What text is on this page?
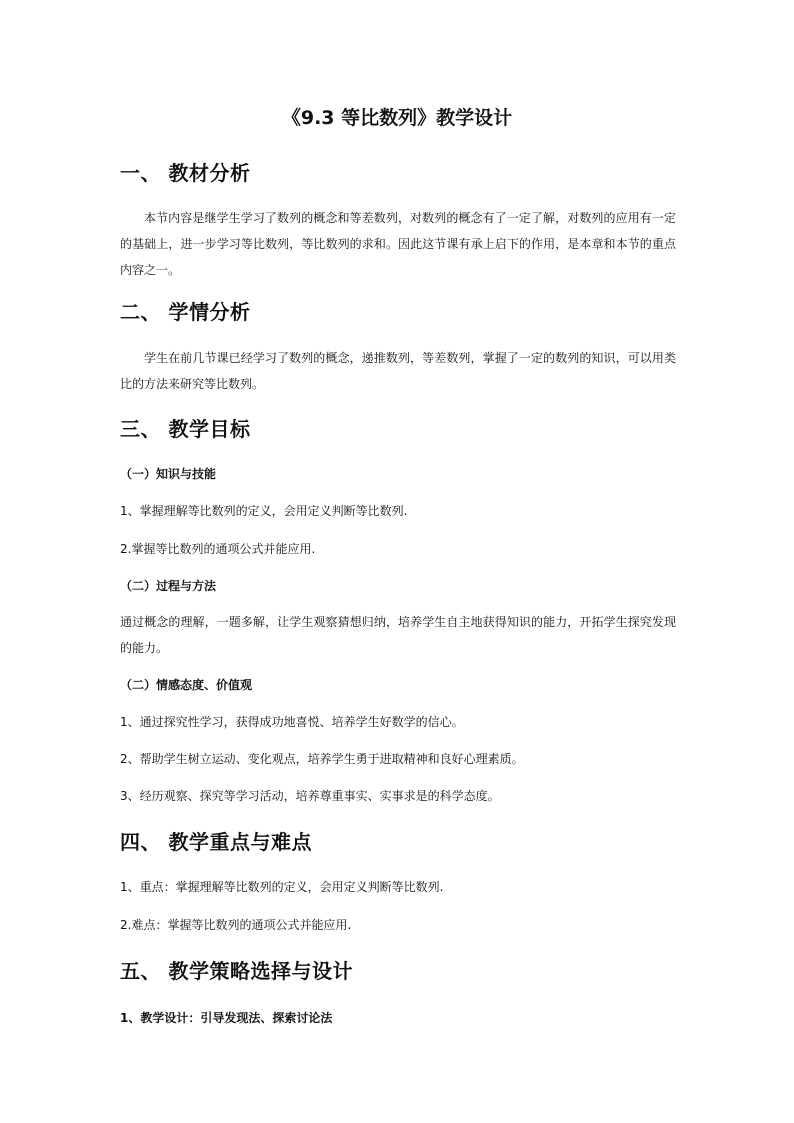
《9.3 等比数列》教学设计
一、 教材分析
本节内容是继学生学习了数列的概念和等差数列，对数列的概念有了一定了解，对数列的应用有一定的基础上，进一步学习等比数列，等比数列的求和。因此这节课有承上启下的作用，是本章和本节的重点内容之一。
二、 学情分析
学生在前几节课已经学习了数列的概念，递推数列，等差数列，掌握了一定的数列的知识，可以用类比的方法来研究等比数列。
三、 教学目标
（一）知识与技能
1、掌握理解等比数列的定义，会用定义判断等比数列.
2.掌握等比数列的通项公式并能应用.
（二）过程与方法
通过概念的理解，一题多解，让学生观察猜想归纳，培养学生自主地获得知识的能力，开拓学生探究发现的能力。
（二）情感态度、价值观
1、通过探究性学习，获得成功地喜悦、培养学生好数学的信心。
2、帮助学生树立运动、变化观点，培养学生勇于进取精神和良好心理素质。
3、经历观察、探究等学习活动，培养尊重事实、实事求是的科学态度。
四、 教学重点与难点
1、重点：掌握理解等比数列的定义，会用定义判断等比数列.
2.难点：掌握等比数列的通项公式并能应用.
五、 教学策略选择与设计
1、教学设计：引导发现法、探索讨论法
